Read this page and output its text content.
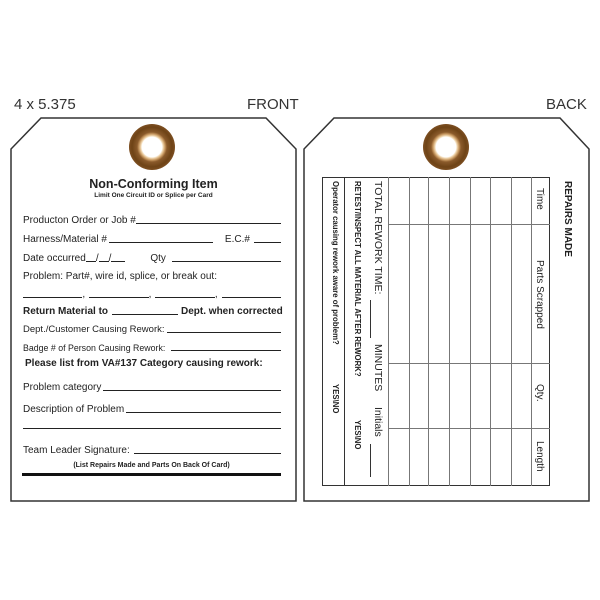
4 x 5.375	FRONT	BACK
Non-Conforming Item
Limit One Circuit ID or Splice per Card
Producton Order or Job #
Harness/Material #	E.C.#
Date occurred / /	Qty
Problem: Part#, wire id, splice, or break out:
,	,	,
Return Material to	Dept. when corrected
Dept./Customer Causing Rework:
Badge # of Person Causing Rework:
Please list from VA#137 Category causing rework:
Problem category
Description of Problem
Team Leader Signature:
(List Repairs Made and Parts On Back Of Card)
REPAIRS MADE
Time
Parts Scrapped
Qty.
Length
TOTAL REWORK TIME:
MINUTES
Initials
RETEST/INSPECT ALL MATERIAL AFTER REWORK?
YES\NO
Operator causing rework aware of problem?
YES\NO
